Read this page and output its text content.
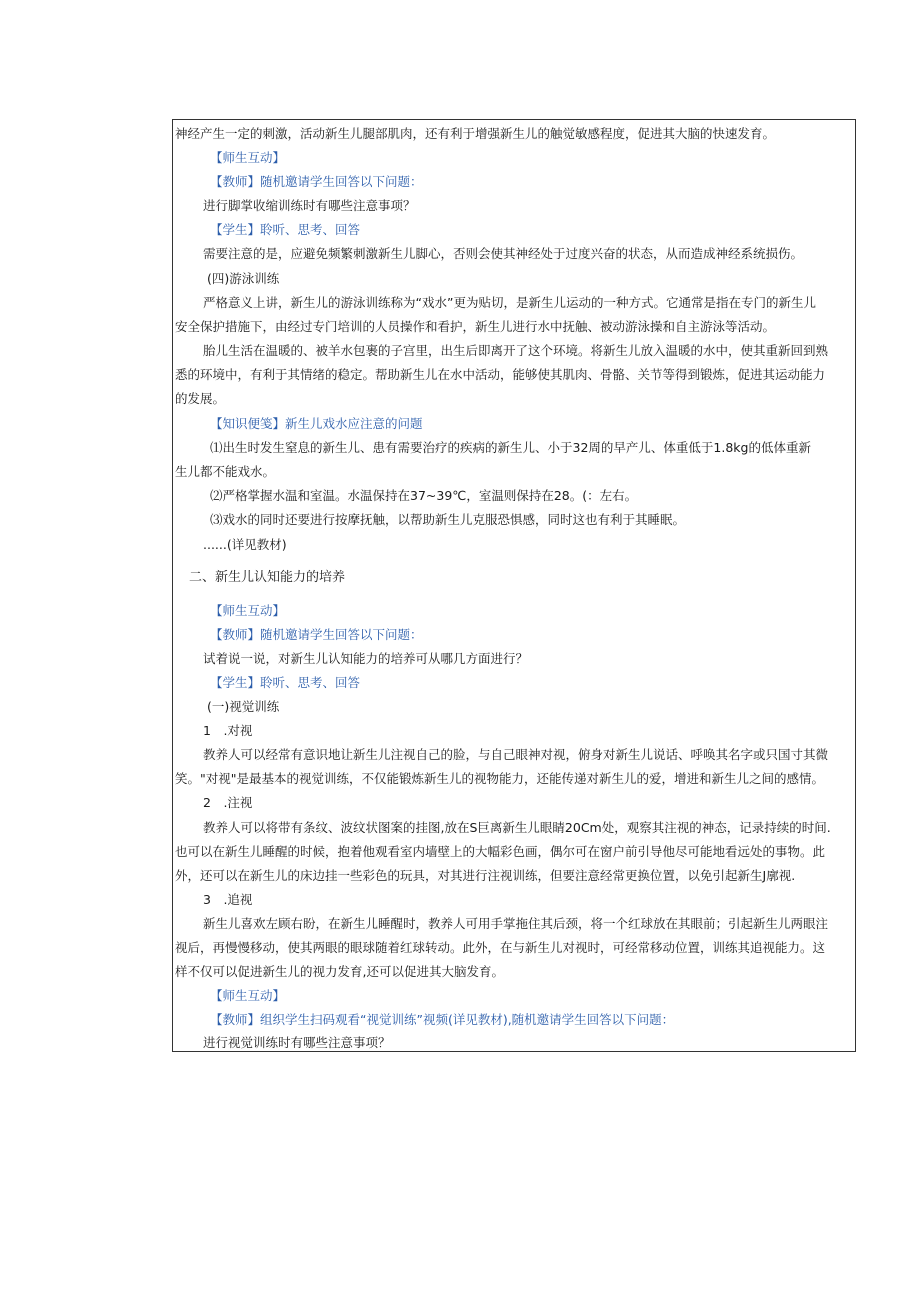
神经产生一定的刺激，活动新生儿腿部肌肉，还有利于增强新生儿的触觉敏感程度，促进其大脑的快速发育。
【师生互动】
【教师】随机邀请学生回答以下问题：
进行脚掌收缩训练时有哪些注意事项？
【学生】聆听、思考、回答
需要注意的是，应避免频繁刺激新生儿脚心，否则会使其神经处于过度兴奋的状态，从而造成神经系统损伤。
(四)游泳训练
严格意义上讲，新生儿的游泳训练称为“戏水”更为贴切，是新生儿运动的一种方式。它通常是指在专门的新生儿
安全保护措施下，由经过专门培训的人员操作和看护，新生儿进行水中抚触、被动游泳操和自主游泳等活动。
胎儿生活在温暖的、被羊水包裹的子宫里，出生后即离开了这个环境。将新生儿放入温暖的水中，使其重新回到熟
悉的环境中，有利于其情绪的稳定。帮助新生儿在水中活动，能够使其肌肉、骨骼、关节等得到锻炼，促进其运动能力
的发展。
【知识便笺】新生儿戏水应注意的问题
⑴出生时发生窒息的新生儿、患有需要治疗的疾病的新生儿、小于32周的早产儿、体重低于1.8kg的低体重新
生儿都不能戏水。
⑵严格掌握水温和室温。水温保持在37~39℃，室温则保持在28。(：左右。
⑶戏水的同时还要进行按摩抚触，以帮助新生儿克服恐惧感，同时这也有利于其睡眠。
......(详见教材)
二、新生儿认知能力的培养
【师生互动】
【教师】随机邀请学生回答以下问题：
试着说一说，对新生儿认知能力的培养可从哪几方面进行？
【学生】聆听、思考、回答
(一)视觉训练
1　.对视
教养人可以经常有意识地让新生儿注视自己的脸，与自己眼神对视，俯身对新生儿说话、呼唤其名字或只国寸其微
笑。"对视"是最基本的视觉训练，不仅能锻炼新生儿的视物能力，还能传递对新生儿的爱，增进和新生儿之间的感情。
2　.注视
教养人可以将带有条纹、波纹状图案的挂图,放在S巨离新生儿眼睛20Cm处，观察其注视的神态，记录持续的时间.
也可以在新生儿睡醒的时候，抱着他观看室内墙壁上的大幅彩色画，偶尔可在窗户前引导他尽可能地看远处的事物。此
外，还可以在新生儿的床边挂一些彩色的玩具，对其进行注视训练，但要注意经常更换位置，以免引起新生J廓视.
3　.追视
新生儿喜欢左顾右盼，在新生儿睡醒时，教养人可用手掌拖住其后颈，将一个红球放在其眼前；引起新生儿两眼注
视后，再慢慢移动，使其两眼的眼球随着红球转动。此外，在与新生儿对视时，可经常移动位置，训练其追视能力。这
样不仅可以促进新生儿的视力发育,还可以促进其大脑发育。
【师生互动】
【教师】组织学生扫码观看“视觉训练”视频(详见教材),随机邀请学生回答以下问题：
进行视觉训练时有哪些注意事项？
